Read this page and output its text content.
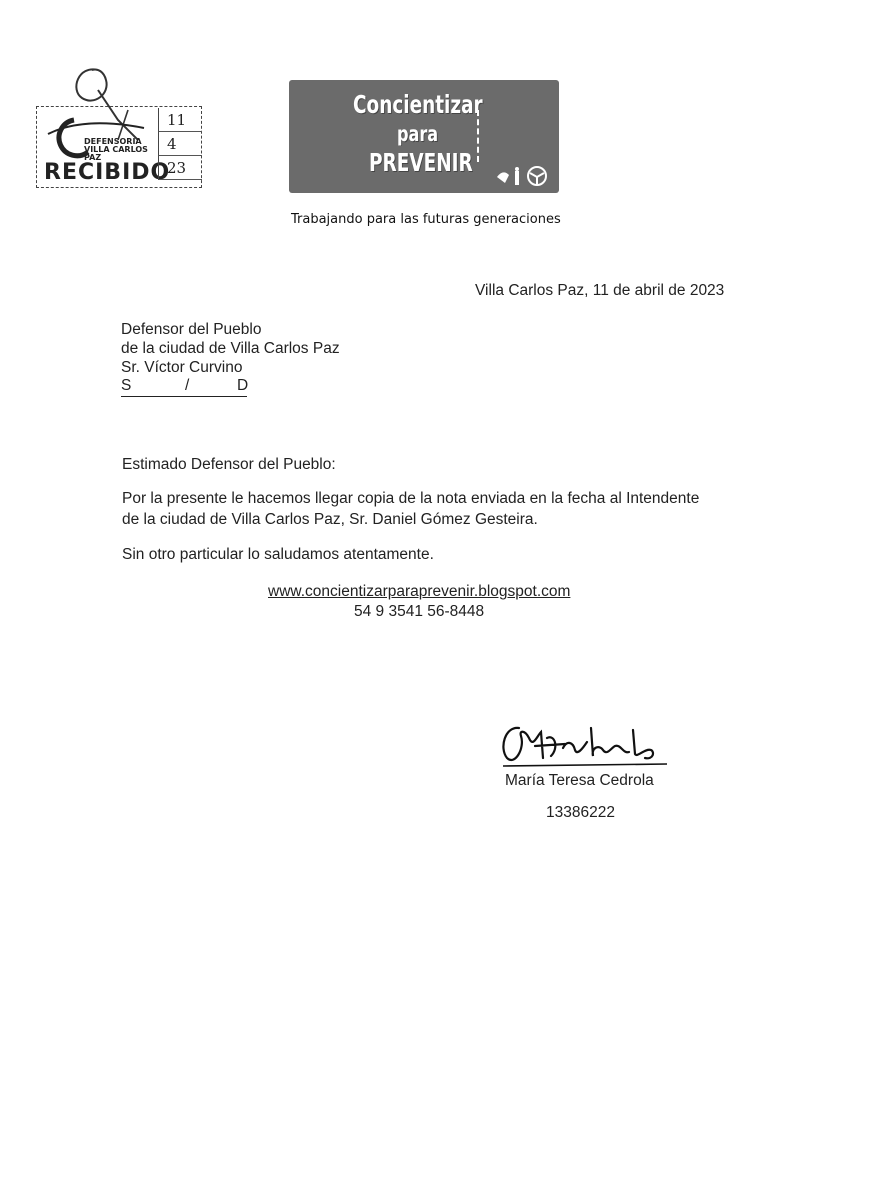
DEFENSORIA
VILLA CARLOS PAZ
RECIBIDO
11
4
23
Concientizar
para
PREVENIR
Trabajando para las futuras generaciones
Villa Carlos Paz, 11 de abril de 2023
Defensor del Pueblo
de la ciudad de Villa Carlos Paz
Sr. Víctor Curvino
S	/	D
Estimado Defensor del Pueblo:
Por la presente le hacemos llegar copia de la nota enviada en la fecha al Intendente
de la ciudad de Villa Carlos Paz, Sr. Daniel Gómez Gesteira.
Sin otro particular lo saludamos atentamente.
www.concientizarparaprevenir.blogspot.com
54 9 3541 56-8448
María Teresa Cedrola
13386222
